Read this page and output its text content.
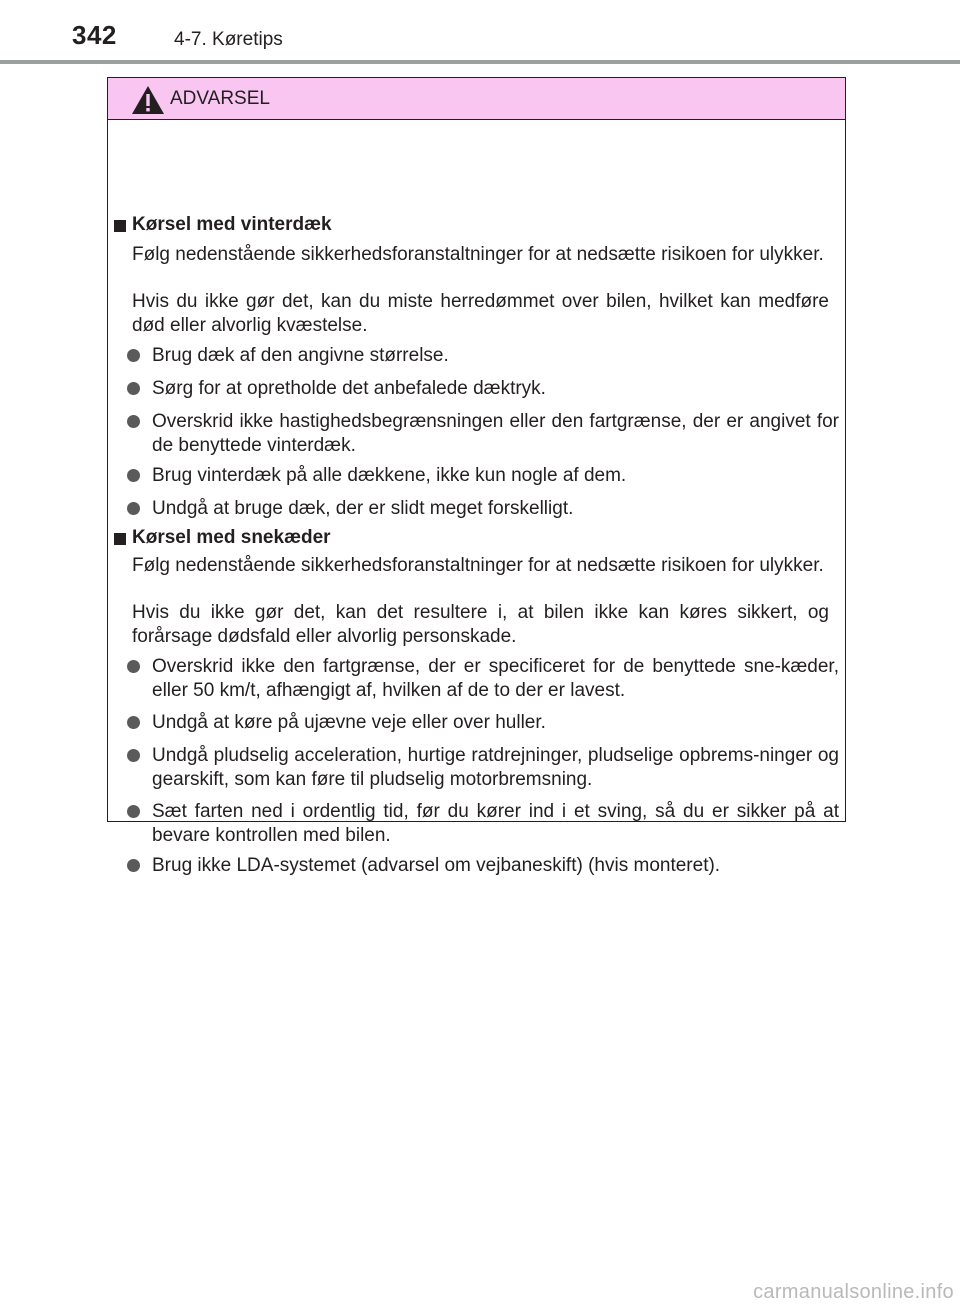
342	4-7. Køretips
ADVARSEL
Kørsel med vinterdæk

Følg nedenstående sikkerhedsforanstaltninger for at nedsætte risikoen for ulykker.

Hvis du ikke gør det, kan du miste herredømmet over bilen, hvilket kan medføre død eller alvorlig kvæstelse.

Brug dæk af den angivne størrelse.
Sørg for at opretholde det anbefalede dæktryk.
Overskrid ikke hastighedsbegrænsningen eller den fartgrænse, der er angivet for de benyttede vinterdæk.
Brug vinterdæk på alle dækkene, ikke kun nogle af dem.
Undgå at bruge dæk, der er slidt meget forskelligt.
Kørsel med snekæder

Følg nedenstående sikkerhedsforanstaltninger for at nedsætte risikoen for ulykker.

Hvis du ikke gør det, kan det resultere i, at bilen ikke kan køres sikkert, og forårsage dødsfald eller alvorlig personskade.

Overskrid ikke den fartgrænse, der er specificeret for de benyttede sne-kæder, eller 50 km/t, afhængigt af, hvilken af de to der er lavest.
Undgå at køre på ujævne veje eller over huller.
Undgå pludselig acceleration, hurtige ratdrejninger, pludselige opbrems-ninger og gearskift, som kan føre til pludselig motorbremsning.
Sæt farten ned i ordentlig tid, før du kører ind i et sving, så du er sikker på at bevare kontrollen med bilen.
Brug ikke LDA-systemet (advarsel om vejbaneskift) (hvis monteret).
carmanualsonline.info
